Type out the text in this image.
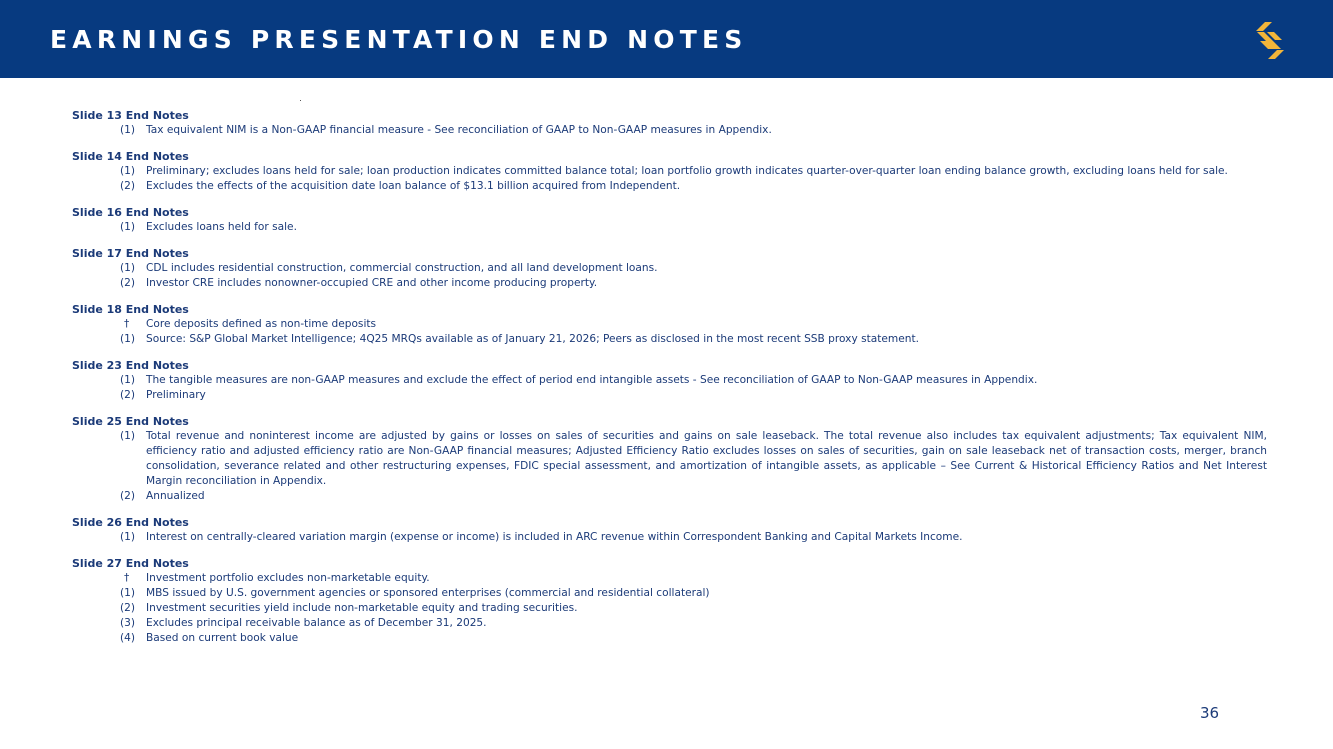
EARNINGS PRESENTATION END NOTES
Slide 13 End Notes
(1)	Tax equivalent NIM is a Non-GAAP financial measure - See reconciliation of GAAP to Non-GAAP measures in Appendix.
Slide 14 End Notes
(1)	Preliminary; excludes loans held for sale; loan production indicates committed balance total; loan portfolio growth indicates quarter-over-quarter loan ending balance growth, excluding loans held for sale.
(2)	Excludes the effects of the acquisition date loan balance of $13.1 billion acquired from Independent.
Slide 16 End Notes
(1)	Excludes loans held for sale.
Slide 17 End Notes
(1)	CDL includes residential construction, commercial construction, and all land development loans.
(2)	Investor CRE includes nonowner-occupied CRE and other income producing property.
Slide 18 End Notes
†	Core deposits defined as non-time deposits
(1)	Source: S&P Global Market Intelligence; 4Q25 MRQs available as of January 21, 2026; Peers as disclosed in the most recent SSB proxy statement.
Slide 23 End Notes
(1)	The tangible measures are non-GAAP measures and exclude the effect of period end intangible assets - See reconciliation of GAAP to Non-GAAP measures in Appendix.
(2)	Preliminary
Slide 25 End Notes
(1)	Total revenue and noninterest income are adjusted by gains or losses on sales of securities and gains on sale leaseback. The total revenue also includes tax equivalent adjustments; Tax equivalent NIM, efficiency ratio and adjusted efficiency ratio are Non-GAAP financial measures; Adjusted Efficiency Ratio excludes losses on sales of securities, gain on sale leaseback net of transaction costs, merger, branch consolidation, severance related and other restructuring expenses, FDIC special assessment, and amortization of intangible assets, as applicable – See Current & Historical Efficiency Ratios and Net Interest Margin reconciliation in Appendix.
(2)	Annualized
Slide 26 End Notes
(1)	Interest on centrally-cleared variation margin (expense or income) is included in ARC revenue within Correspondent Banking and Capital Markets Income.
Slide 27 End Notes
†	Investment portfolio excludes non-marketable equity.
(1)	MBS issued by U.S. government agencies or sponsored enterprises (commercial and residential collateral)
(2)	Investment securities yield include non-marketable equity and trading securities.
(3)	Excludes principal receivable balance as of December 31, 2025.
(4)	Based on current book value
36
